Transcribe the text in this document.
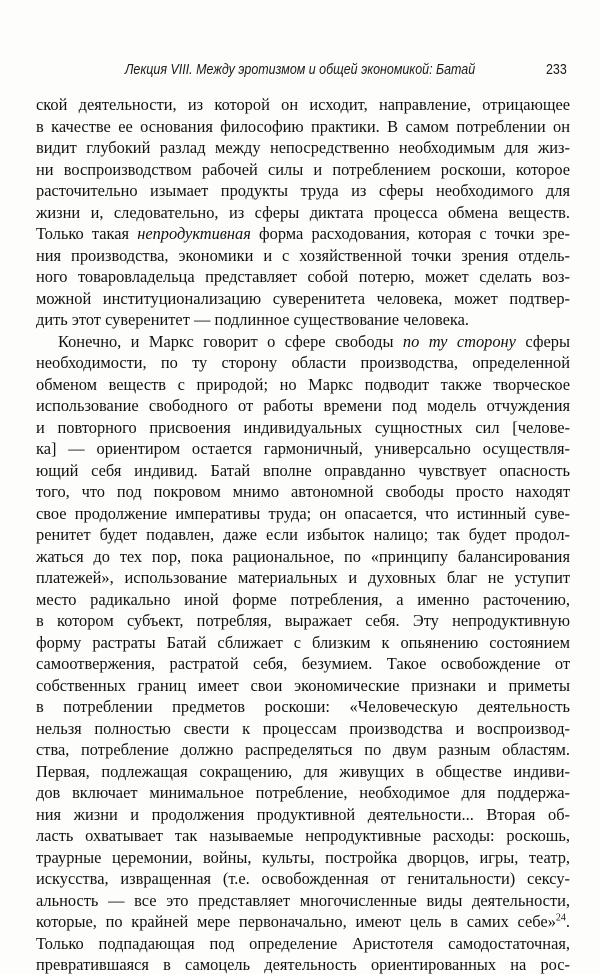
Лекция VIII. Между эротизмом и общей экономикой: Батай	233
ской деятельности, из которой он исходит, направление, отрицающее
в качестве ее основания философию практики. В самом потреблении он
видит глубокий разлад между непосредственно необходимым для жиз-
ни воспроизводством рабочей силы и потреблением роскоши, которое
расточительно изымает продукты труда из сферы необходимого для
жизни и, следовательно, из сферы диктата процесса обмена веществ.
Только такая непродуктивная форма расходования, которая с точки зре-
ния производства, экономики и с хозяйственной точки зрения отдель-
ного товаровладельца представляет собой потерю, может сделать воз-
можной институционализацию суверенитета человека, может подтвер-
дить этот суверенитет — подлинное существование человека.
Конечно, и Маркс говорит о сфере свободы по ту сторону сферы
необходимости, по ту сторону области производства, определенной
обменом веществ с природой; но Маркс подводит также творческое
использование свободного от работы времени под модель отчуждения
и повторного присвоения индивидуальных сущностных сил [челове-
ка] — ориентиром остается гармоничный, универсально осуществля-
ющий себя индивид. Батай вполне оправданно чувствует опасность
того, что под покровом мнимо автономной свободы просто находят
свое продолжение императивы труда; он опасается, что истинный суве-
ренитет будет подавлен, даже если избыток налицо; так будет продол-
жаться до тех пор, пока рациональное, по «принципу балансирования
платежей», использование материальных и духовных благ не уступит
место радикально иной форме потребления, а именно расточению,
в котором субъект, потребляя, выражает себя. Эту непродуктивную
форму растраты Батай сближает с близким к опьянению состоянием
самоотвержения, растратой себя, безумием. Такое освобождение от
собственных границ имеет свои экономические признаки и приметы
в потреблении предметов роскоши: «Человеческую деятельность
нельзя полностью свести к процессам производства и воспроизвод-
ства, потребление должно распределяться по двум разным областям.
Первая, подлежащая сокращению, для живущих в обществе индиви-
дов включает минимальное потребление, необходимое для поддержа-
ния жизни и продолжения продуктивной деятельности... Вторая об-
ласть охватывает так называемые непродуктивные расходы: роскошь,
траурные церемонии, войны, культы, постройка дворцов, игры, театр,
искусства, извращенная (т.е. освобожденная от генитальности) сексу-
альность — все это представляет многочисленные виды деятельности,
которые, по крайней мере первоначально, имеют цель в самих себе»$^{24}$.
Только подпадающая под определение Аристотеля самодостаточная,
превратившаяся в самоцель деятельность ориентированных на рос-
